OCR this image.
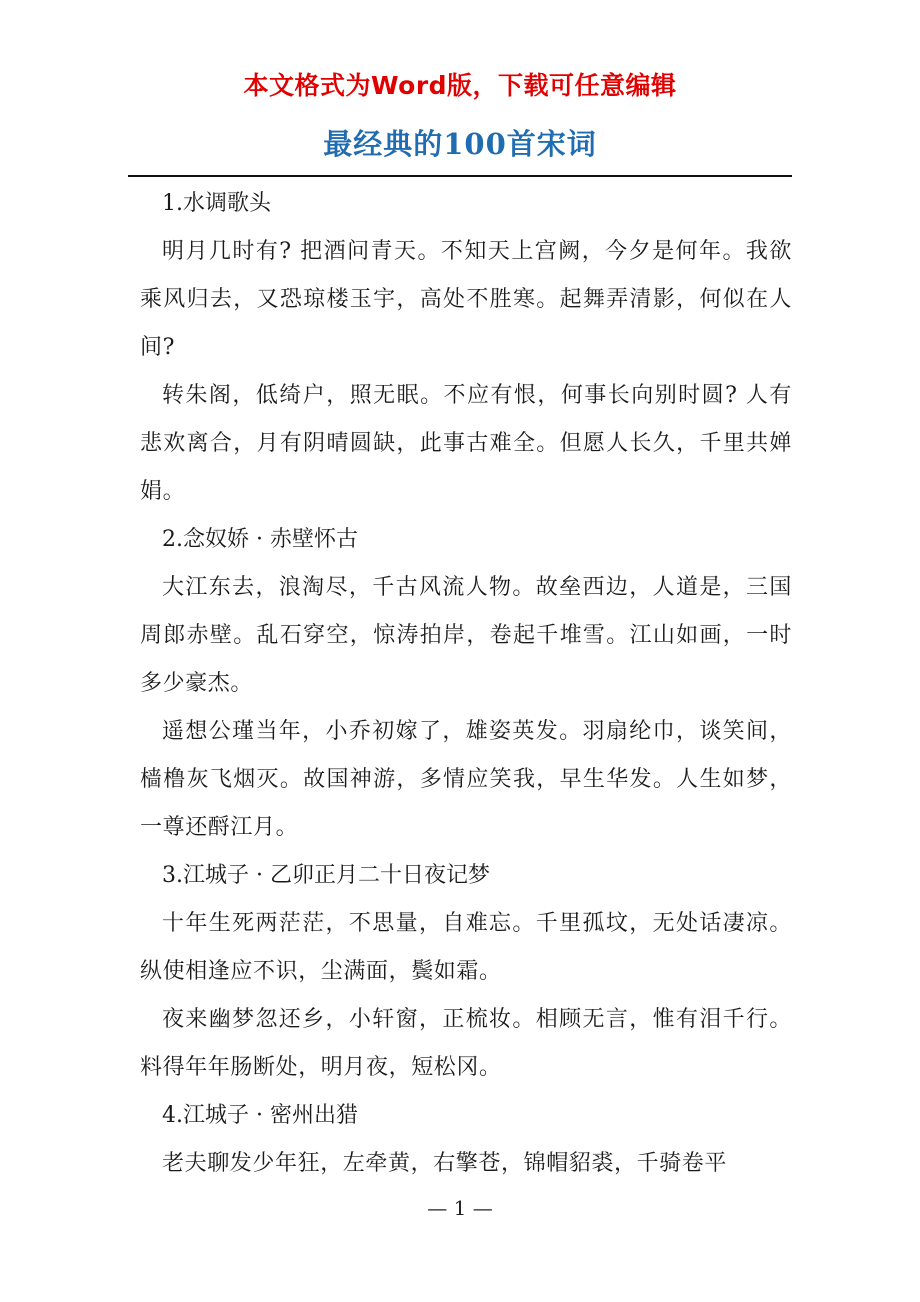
本文格式为Word版，下载可任意编辑
最经典的100首宋词

1.水调歌头

明月几时有? 把酒问青天。不知天上宫阙，今夕是何年。我欲乘风归去，又恐琼楼玉宇，高处不胜寒。起舞弄清影，何似在人间?

转朱阁，低绮户，照无眠。不应有恨，何事长向别时圆? 人有悲欢离合，月有阴晴圆缺，此事古难全。但愿人长久，千里共婵娟。

2.念奴娇 · 赤壁怀古

大江东去，浪淘尽，千古风流人物。故垒西边，人道是，三国周郎赤壁。乱石穿空，惊涛拍岸，卷起千堆雪。江山如画，一时多少豪杰。

遥想公瑾当年，小乔初嫁了，雄姿英发。羽扇纶巾，谈笑间，樯橹灰飞烟灭。故国神游，多情应笑我，早生华发。人生如梦，一尊还酹江月。

3.江城子 · 乙卯正月二十日夜记梦

十年生死两茫茫，不思量，自难忘。千里孤坟，无处话凄凉。纵使相逢应不识，尘满面，鬓如霜。

夜来幽梦忽还乡，小轩窗，正梳妆。相顾无言，惟有泪千行。料得年年肠断处，明月夜，短松冈。

4.江城子 · 密州出猎

老夫聊发少年狂，左牵黄，右擎苍，锦帽貂裘，千骑卷平

— 1 —
